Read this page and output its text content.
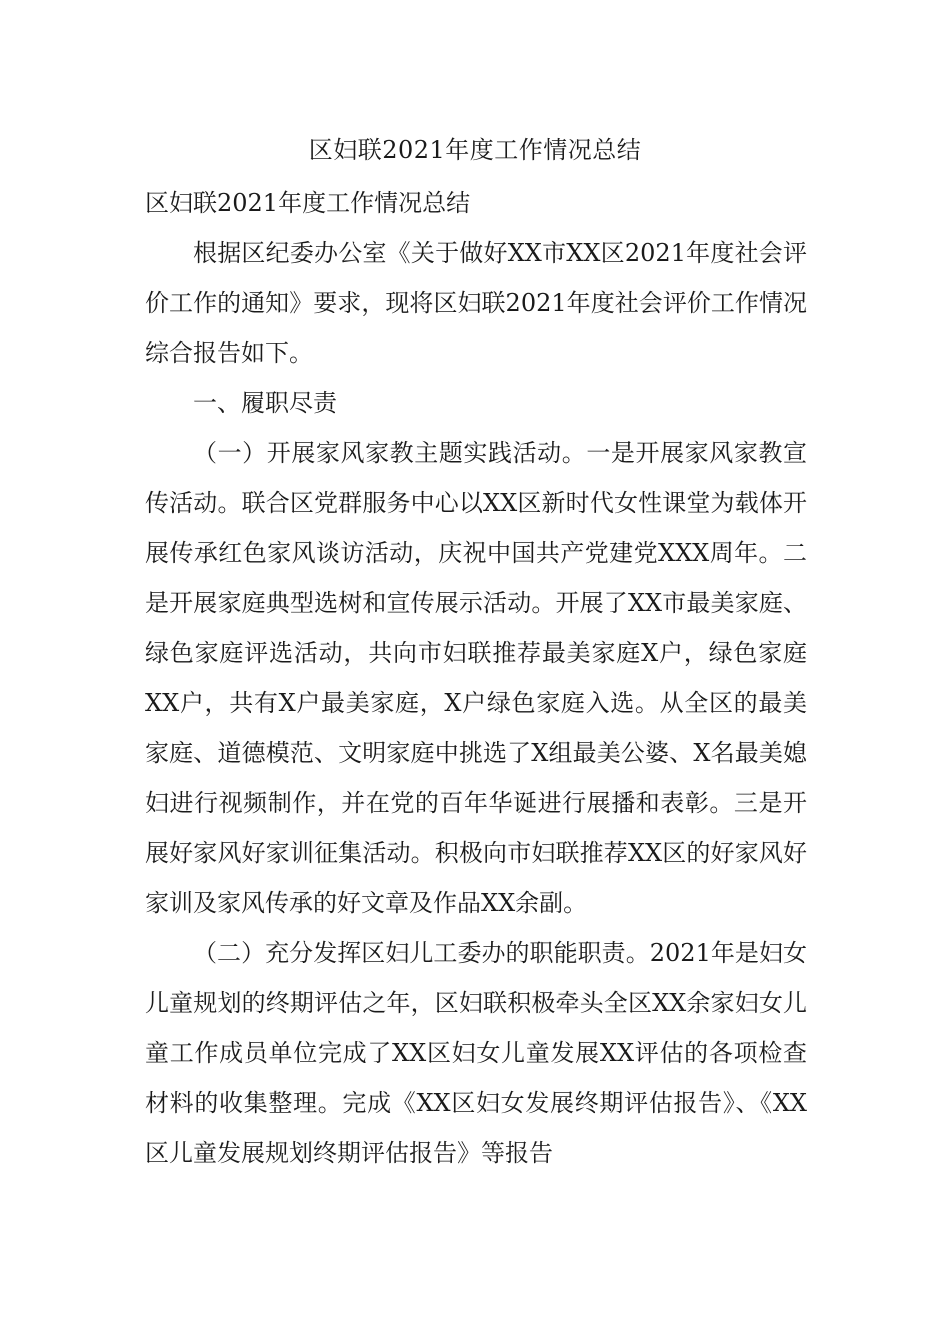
区妇联2021年度工作情况总结

区妇联2021年度工作情况总结

根据区纪委办公室《关于做好XX市XX区2021年度社会评价工作的通知》要求，现将区妇联2021年度社会评价工作情况综合报告如下。

一、履职尽责

（一）开展家风家教主题实践活动。一是开展家风家教宣传活动。联合区党群服务中心以XX区新时代女性课堂为载体开展传承红色家风谈访活动，庆祝中国共产党建党XXX周年。二是开展家庭典型选树和宣传展示活动。开展了XX市最美家庭、绿色家庭评选活动，共向市妇联推荐最美家庭X户，绿色家庭XX户，共有X户最美家庭，X户绿色家庭入选。从全区的最美家庭、道德模范、文明家庭中挑选了X组最美公婆、X名最美媳妇进行视频制作，并在党的百年华诞进行展播和表彰。三是开展好家风好家训征集活动。积极向市妇联推荐XX区的好家风好家训及家风传承的好文章及作品XX余副。

（二）充分发挥区妇儿工委办的职能职责。2021年是妇女儿童规划的终期评估之年，区妇联积极牵头全区XX余家妇女儿童工作成员单位完成了XX区妇女儿童发展XX评估的各项检查材料的收集整理。完成《XX区妇女发展终期评估报告》、《XX区儿童发展规划终期评估报告》等报告
